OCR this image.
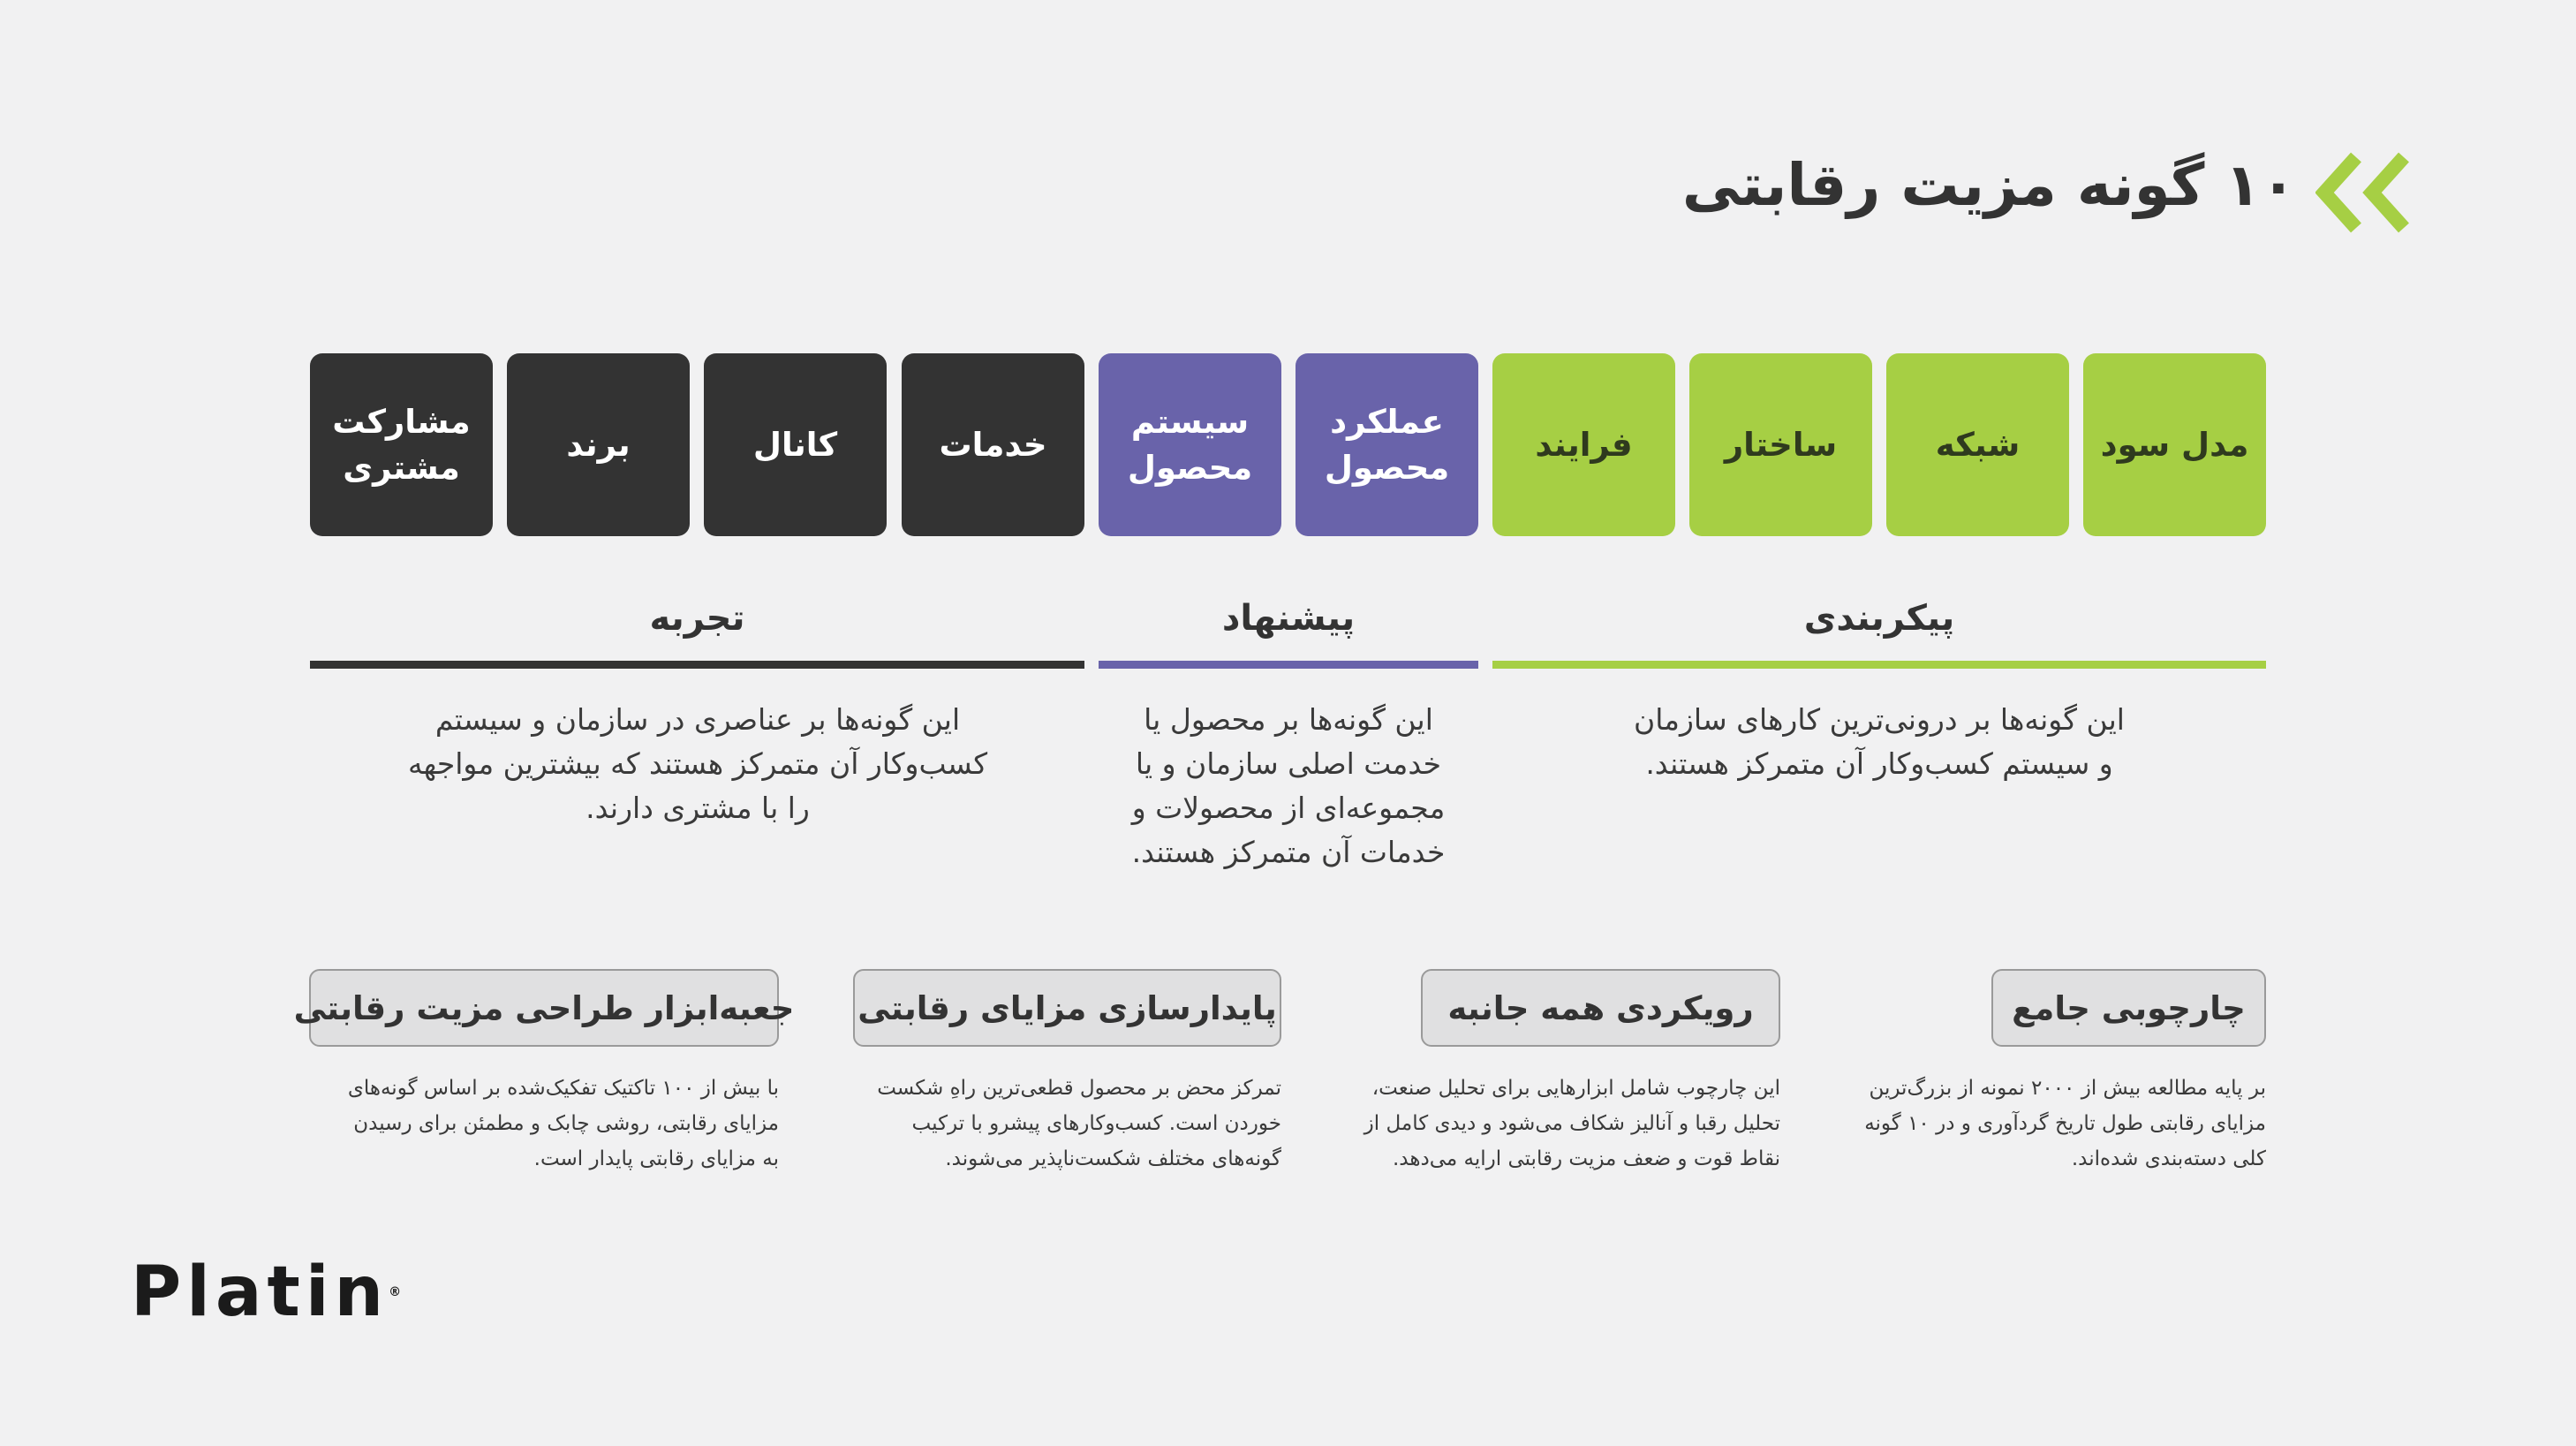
۱۰ گونه مزیت رقابتی
مدل سود
شبکه
ساختار
فرایند
عملکرد محصول
سیستم محصول
خدمات
کانال
برند
مشارکت مشتری
پیکربندی
این گونه‌ها بر درونی‌ترین کارهای سازمان و سیستم کسب‌وکار آن متمرکز هستند.
پیشنهاد
این گونه‌ها بر محصول یا خدمت اصلی سازمان و یا مجموعه‌ای از محصولات و خدمات آن متمرکز هستند.
تجربه
این گونه‌ها بر عناصری در سازمان و سیستم کسب‌وکار آن متمرکز هستند که بیشترین مواجهه را با مشتری دارند.
چارچوبی جامع
بر پایه مطالعه بیش از ۲۰۰۰ نمونه از بزرگ‌ترین مزایای رقابتی طول تاریخ گردآوری و در ۱۰ گونه کلی دسته‌بندی شده‌اند.
رویکردی همه جانبه
این چارچوب شامل ابزارهایی برای تحلیل صنعت، تحلیل رقبا و آنالیز شکاف می‌شود و دیدی کامل از نقاط قوت و ضعف مزیت رقابتی ارایه می‌دهد.
پایدارسازی مزایای رقابتی
تمرکز محض بر محصول قطعی‌ترین راهِ شکست خوردن است. کسب‌وکارهای پیشرو با ترکیب گونه‌های مختلف شکست‌ناپذیر می‌شوند.
جعبه‌ابزار طراحی مزیت رقابتی
با بیش از ۱۰۰ تاکتیک تفکیک‌شده بر اساس گونه‌های مزایای رقابتی، روشی چابک و مطمئن برای رسیدن به مزایای رقابتی پایدار است.
Platin®
